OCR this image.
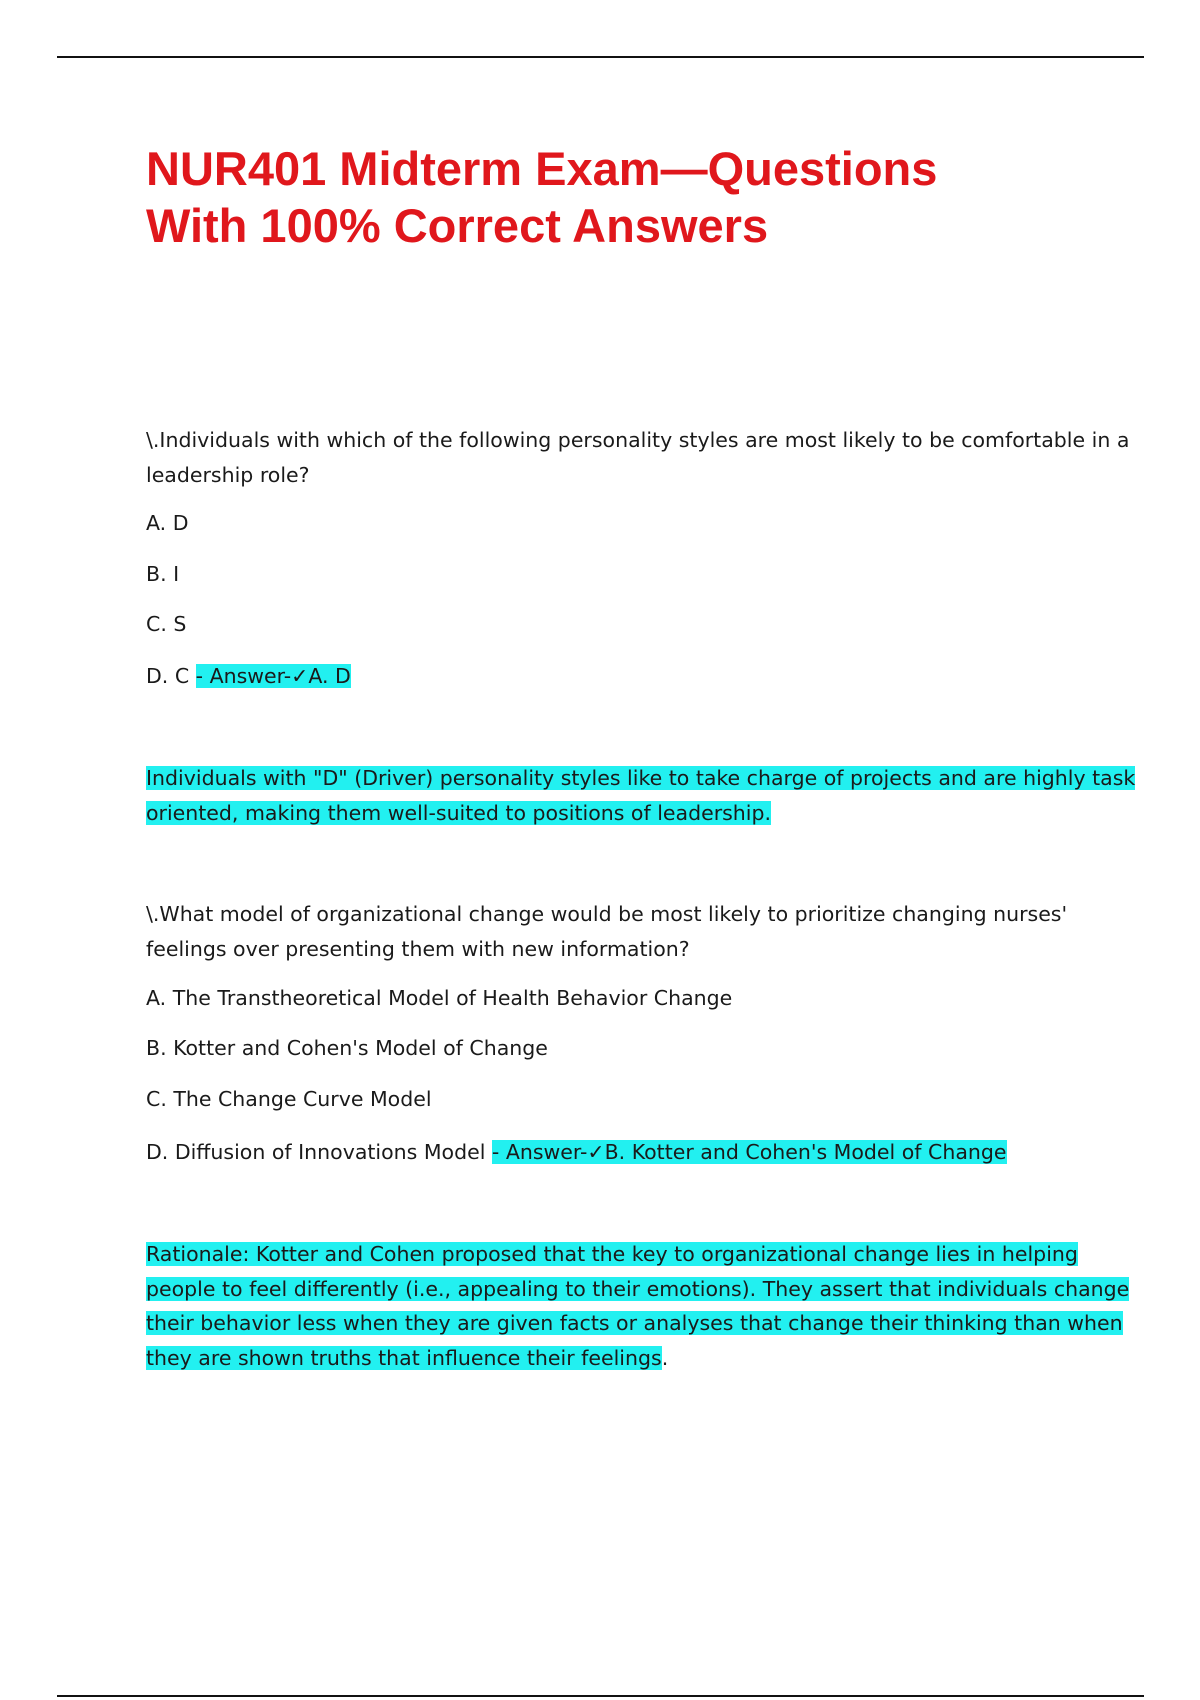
NUR401 Midterm Exam—Questions
With 100% Correct Answers
\.Individuals with which of the following personality styles are most likely to be comfortable in a
leadership role?
A. D
B. I
C. S
D. C - Answer-✓A. D
Individuals with "D" (Driver) personality styles like to take charge of projects and are highly task
oriented, making them well-suited to positions of leadership.
\.What model of organizational change would be most likely to prioritize changing nurses'
feelings over presenting them with new information?
A. The Transtheoretical Model of Health Behavior Change
B. Kotter and Cohen's Model of Change
C. The Change Curve Model
D. Diffusion of Innovations Model - Answer-✓B. Kotter and Cohen's Model of Change
Rationale: Kotter and Cohen proposed that the key to organizational change lies in helping
people to feel differently (i.e., appealing to their emotions). They assert that individuals change
their behavior less when they are given facts or analyses that change their thinking than when
they are shown truths that influence their feelings.
